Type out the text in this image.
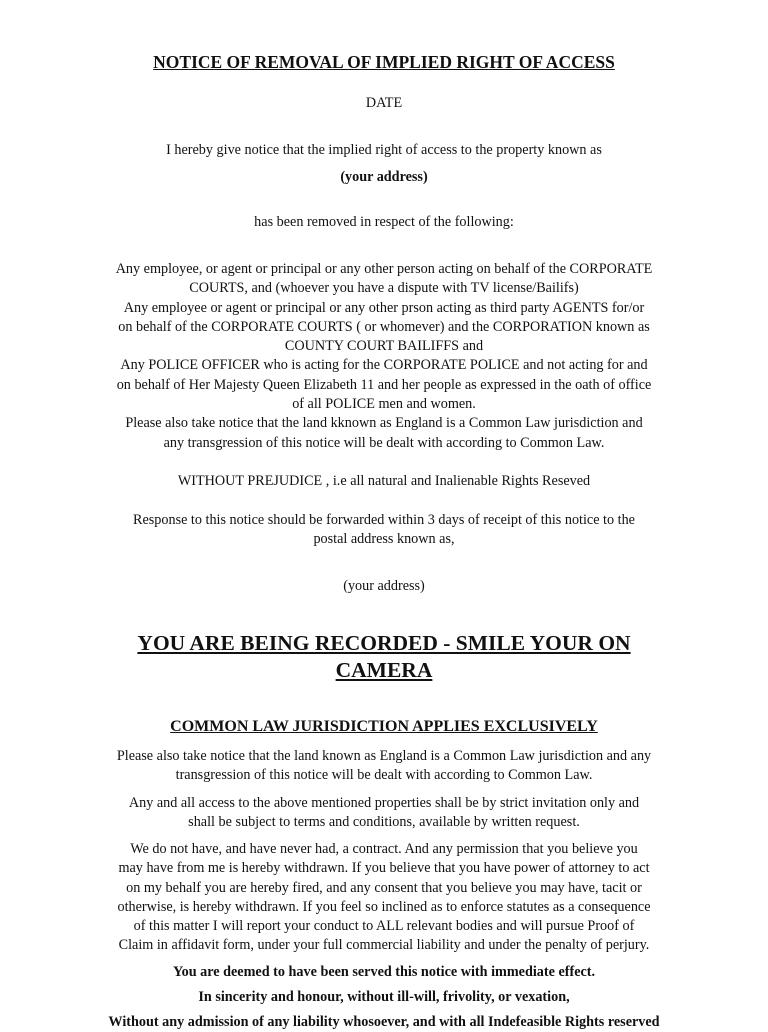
NOTICE OF REMOVAL OF IMPLIED RIGHT OF ACCESS
DATE
I hereby give notice that the implied right of access to the property known as
(your address)
has been removed in respect of the following:
Any employee, or agent or principal or any other person acting on behalf of the CORPORATE
COURTS, and (whoever you have a dispute with TV license/Bailifs)
Any employee or agent or principal or any other prson acting as third party AGENTS for/or
on behalf of the CORPORATE COURTS ( or whomever) and the CORPORATION known as
COUNTY COURT BAILIFFS and
Any POLICE OFFICER who is acting for the CORPORATE POLICE and not acting for and
on behalf of Her Majesty Queen Elizabeth 11 and her people as expressed in the oath of office
of all POLICE men and women.
Please also take notice that the land kknown as England is a Common Law jurisdiction and
any transgression of this notice will be dealt with according to Common Law.
WITHOUT PREJUDICE , i.e all natural and Inalienable Rights Reseved
Response to this notice should be forwarded within 3 days of receipt of this notice to the
postal address known as,
(your address)
YOU ARE BEING RECORDED - SMILE YOUR ON
CAMERA
COMMON LAW JURISDICTION APPLIES EXCLUSIVELY
Please also take notice that the land known as England is a Common Law jurisdiction and any
transgression of this notice will be dealt with according to Common Law.
Any and all access to the above mentioned properties shall be by strict invitation only and
shall be subject to terms and conditions, available by written request.
We do not have, and have never had, a contract. And any permission that you believe you
may have from me is hereby withdrawn. If you believe that you have power of attorney to act
on my behalf you are hereby fired, and any consent that you believe you may have, tacit or
otherwise, is hereby withdrawn. If you feel so inclined as to enforce statutes as a consequence
of this matter I will report your conduct to ALL relevant bodies and will pursue Proof of
Claim in affidavit form, under your full commercial liability and under the penalty of perjury.
You are deemed to have been served this notice with immediate effect.
In sincerity and honour, without ill-will, frivolity, or vexation,
Without any admission of any liability whosoever, and with all Indefeasible Rights reserved
